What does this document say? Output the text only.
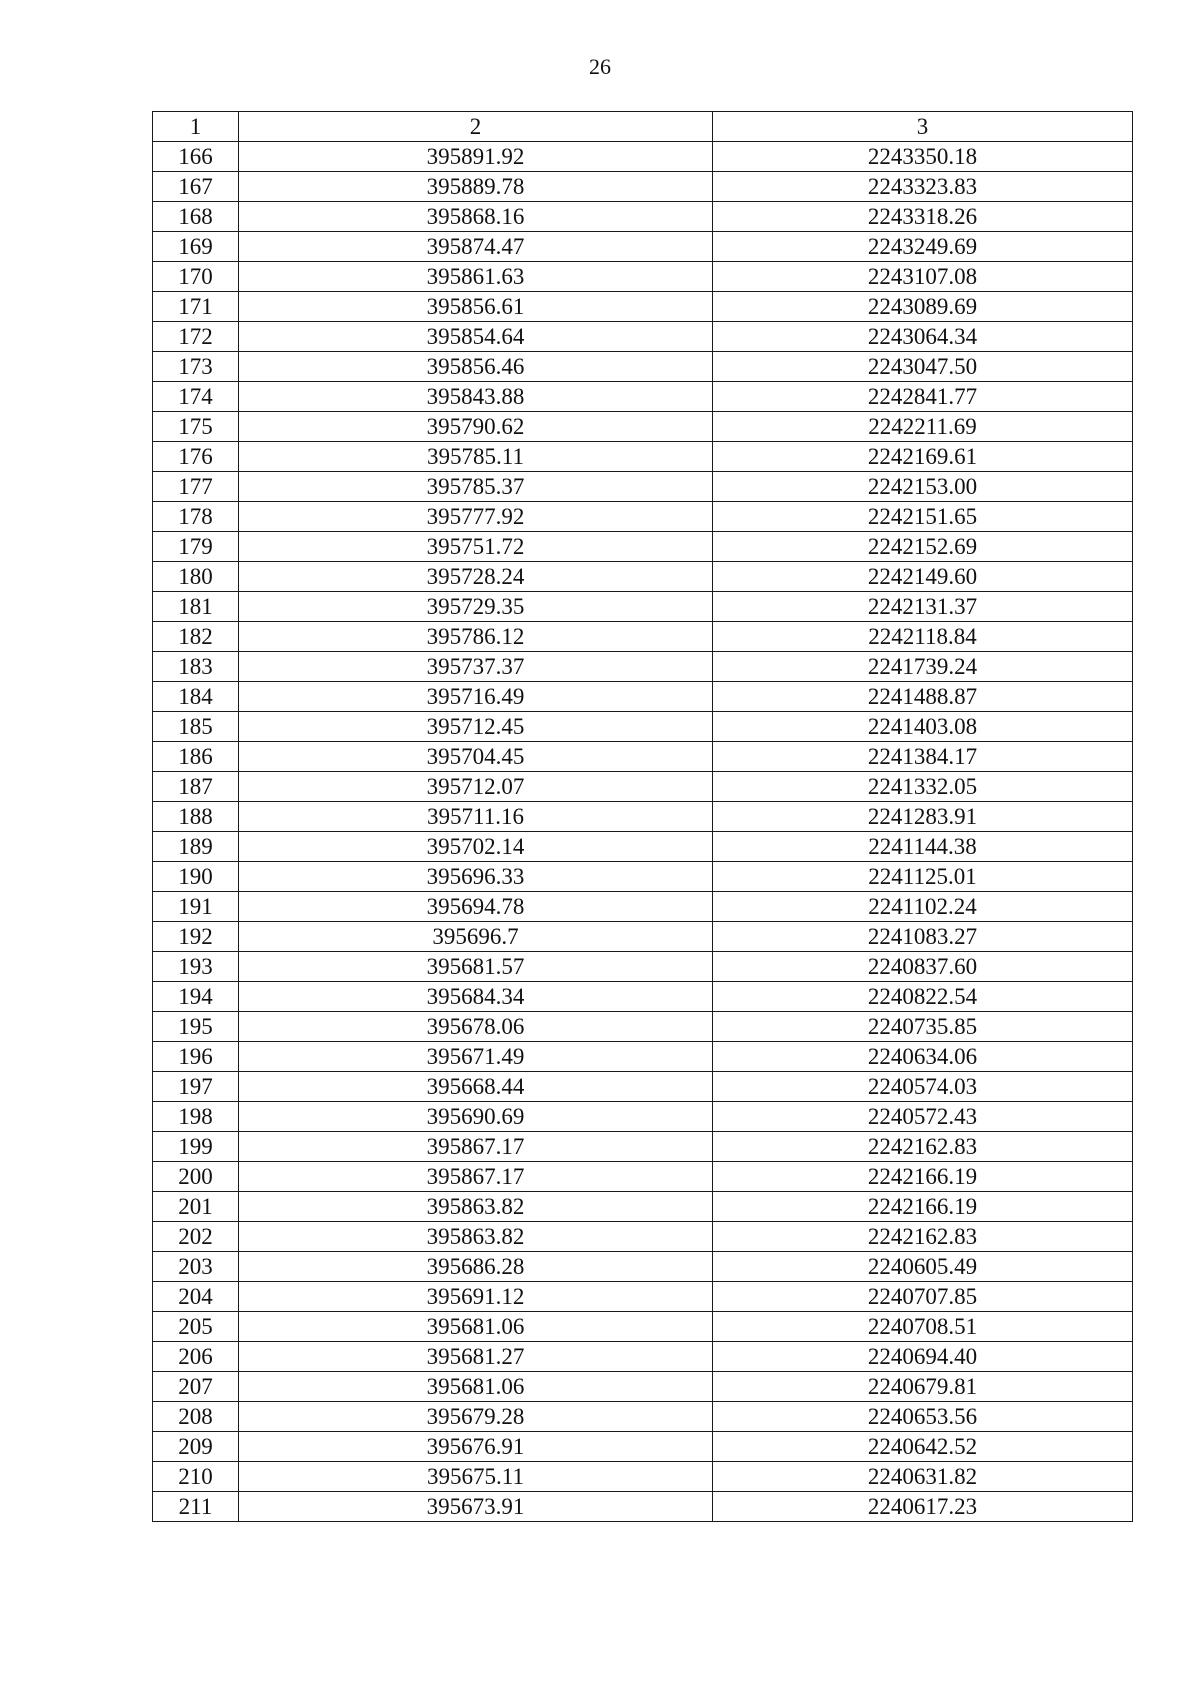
26
1	2	3
166	395891.92	2243350.18
167	395889.78	2243323.83
168	395868.16	2243318.26
169	395874.47	2243249.69
170	395861.63	2243107.08
171	395856.61	2243089.69
172	395854.64	2243064.34
173	395856.46	2243047.50
174	395843.88	2242841.77
175	395790.62	2242211.69
176	395785.11	2242169.61
177	395785.37	2242153.00
178	395777.92	2242151.65
179	395751.72	2242152.69
180	395728.24	2242149.60
181	395729.35	2242131.37
182	395786.12	2242118.84
183	395737.37	2241739.24
184	395716.49	2241488.87
185	395712.45	2241403.08
186	395704.45	2241384.17
187	395712.07	2241332.05
188	395711.16	2241283.91
189	395702.14	2241144.38
190	395696.33	2241125.01
191	395694.78	2241102.24
192	395696.7	2241083.27
193	395681.57	2240837.60
194	395684.34	2240822.54
195	395678.06	2240735.85
196	395671.49	2240634.06
197	395668.44	2240574.03
198	395690.69	2240572.43
199	395867.17	2242162.83
200	395867.17	2242166.19
201	395863.82	2242166.19
202	395863.82	2242162.83
203	395686.28	2240605.49
204	395691.12	2240707.85
205	395681.06	2240708.51
206	395681.27	2240694.40
207	395681.06	2240679.81
208	395679.28	2240653.56
209	395676.91	2240642.52
210	395675.11	2240631.82
211	395673.91	2240617.23
